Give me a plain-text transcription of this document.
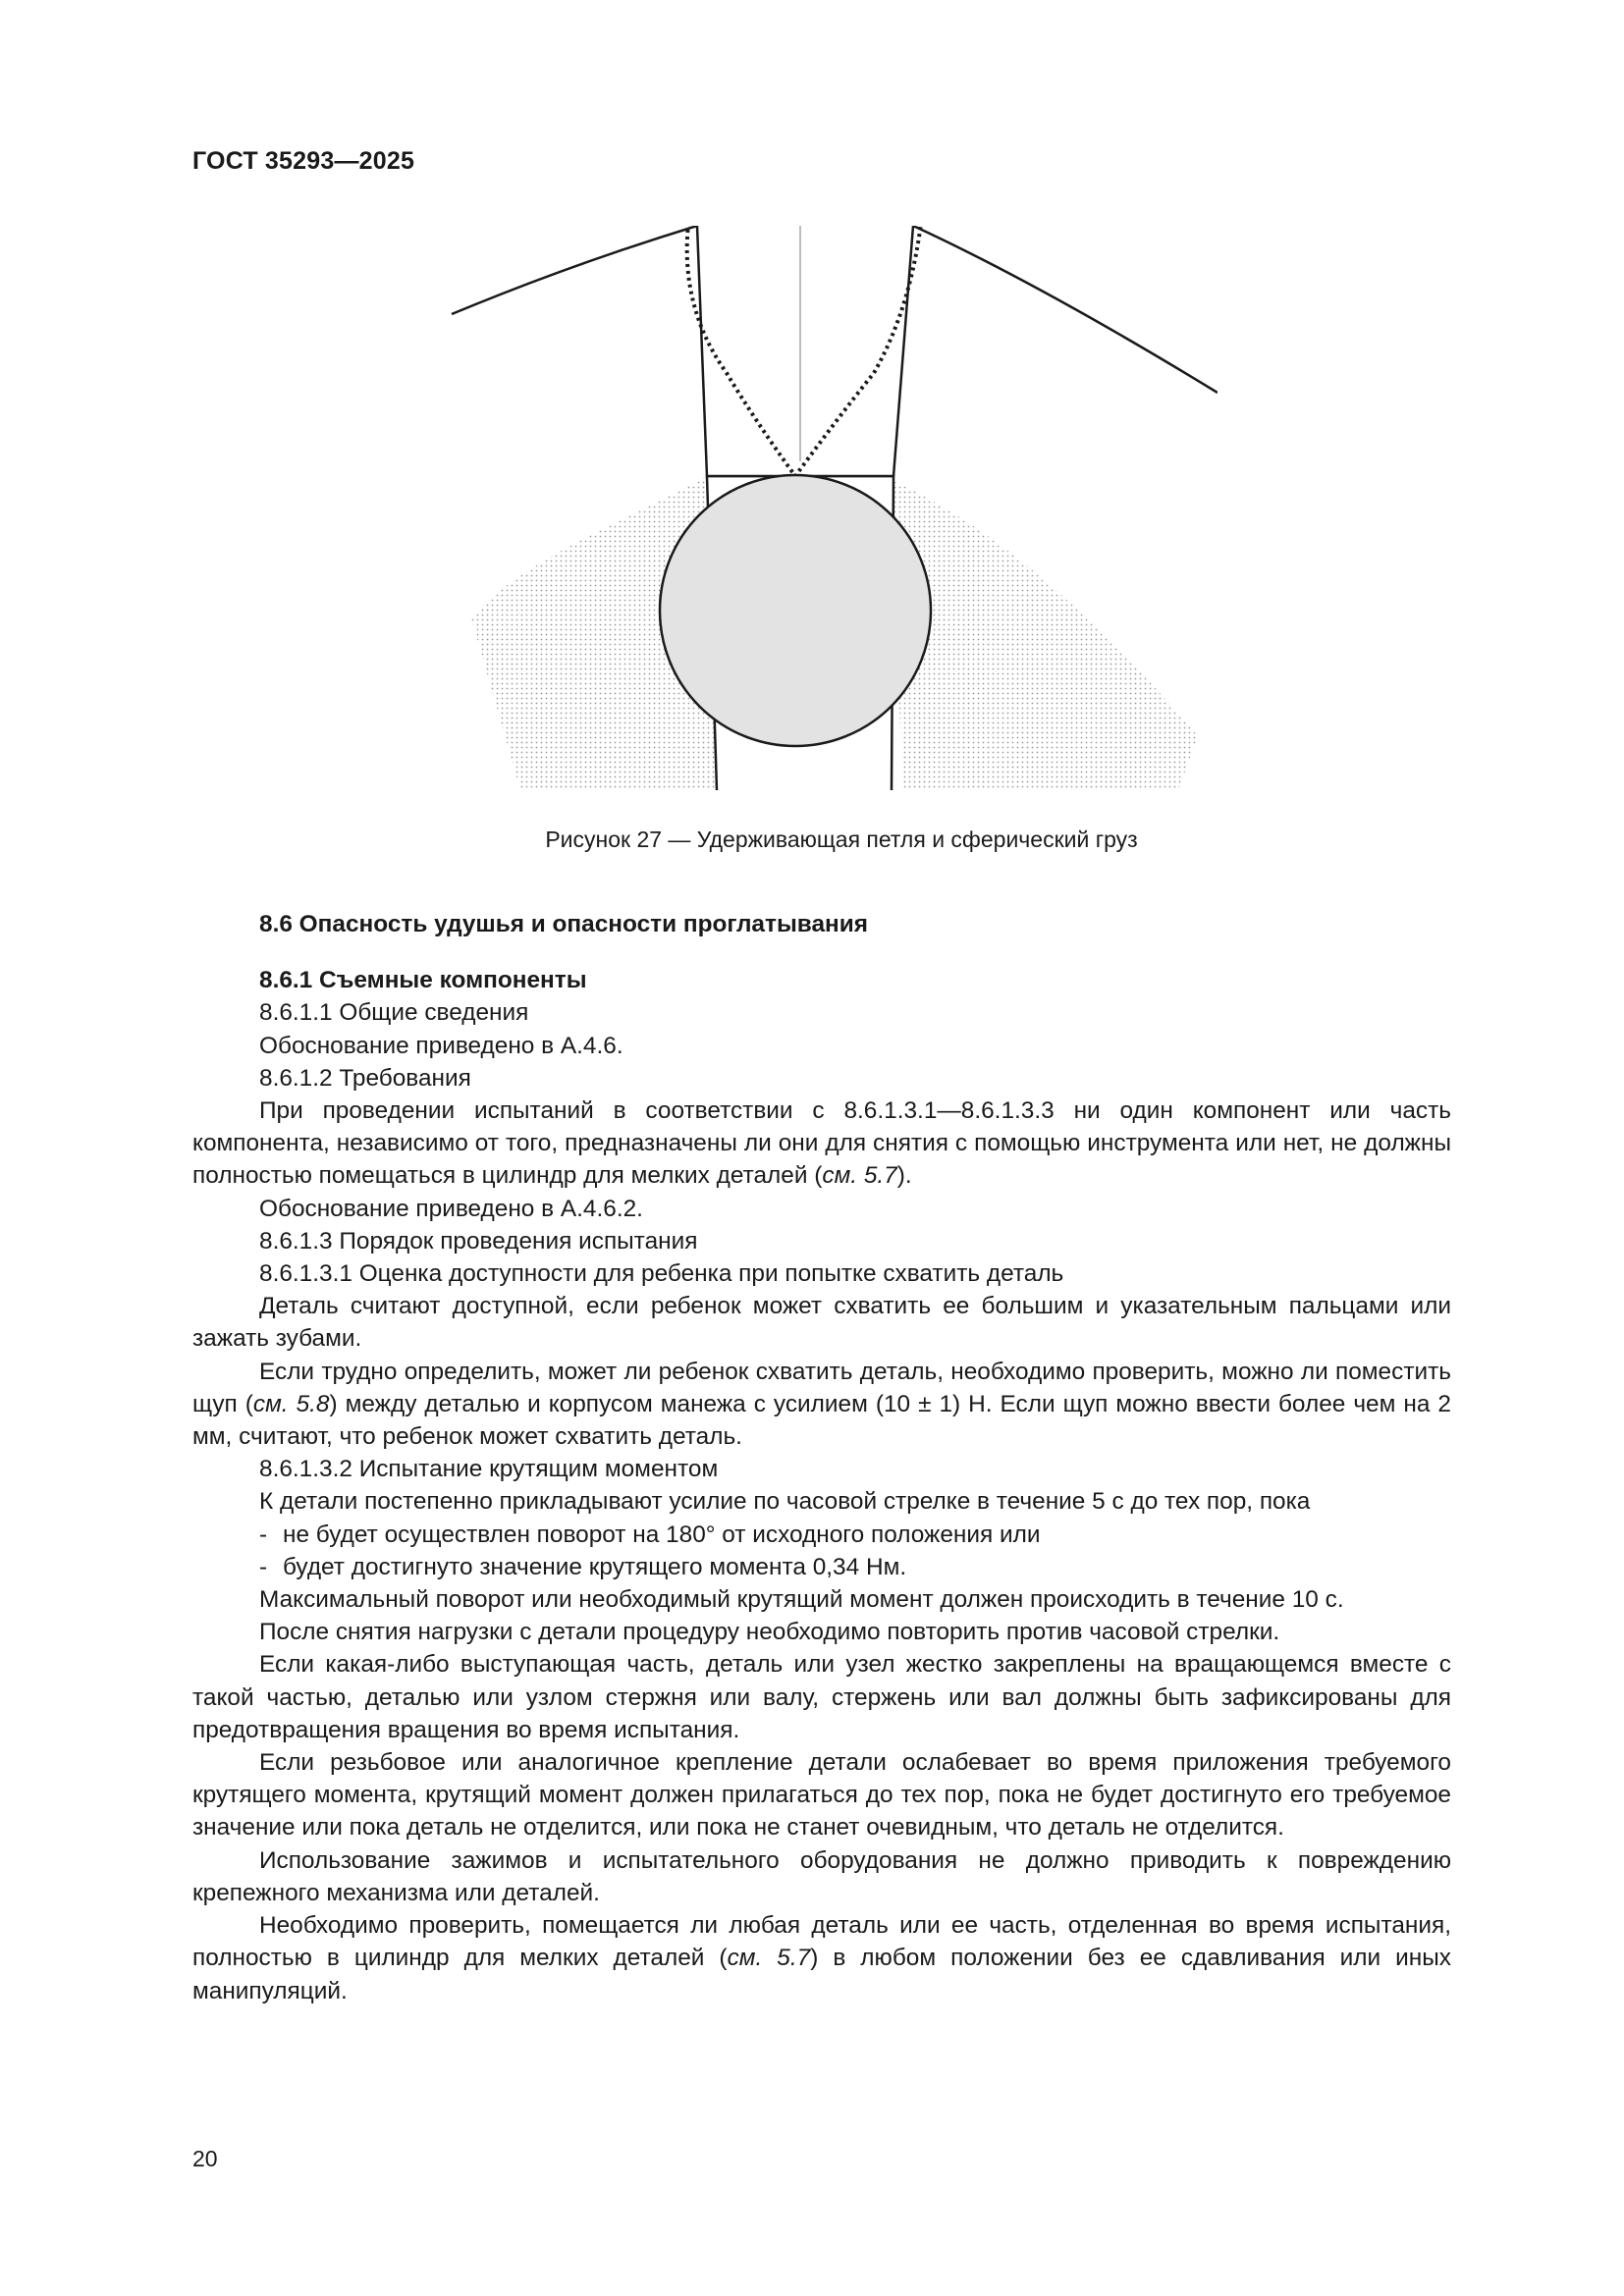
ГОСТ 35293—2025
Рисунок 27 — Удерживающая петля и сферический груз

8.6 Опасность удушья и опасности проглатывания

8.6.1 Съемные компоненты

8.6.1.1 Общие сведения

Обоснование приведено в А.4.6.

8.6.1.2 Требования

При проведении испытаний в соответствии с 8.6.1.3.1—8.6.1.3.3 ни один компонент или часть компонента, независимо от того, предназначены ли они для снятия с помощью инструмента или нет, не должны полностью помещаться в цилиндр для мелких деталей (см. 5.7).

Обоснование приведено в А.4.6.2.

8.6.1.3 Порядок проведения испытания

8.6.1.3.1 Оценка доступности для ребенка при попытке схватить деталь

Деталь считают доступной, если ребенок может схватить ее большим и указательным пальцами или зажать зубами.

Если трудно определить, может ли ребенок схватить деталь, необходимо проверить, можно ли поместить щуп (см. 5.8) между деталью и корпусом манежа с усилием (10 ± 1) Н. Если щуп можно ввести более чем на 2 мм, считают, что ребенок может схватить деталь.

8.6.1.3.2 Испытание крутящим моментом

К детали постепенно прикладывают усилие по часовой стрелке в течение 5 с до тех пор, пока

- не будет осуществлен поворот на 180° от исходного положения или

- будет достигнуто значение крутящего момента 0,34 Нм.

Максимальный поворот или необходимый крутящий момент должен происходить в течение 10 с.

После снятия нагрузки с детали процедуру необходимо повторить против часовой стрелки.

Если какая-либо выступающая часть, деталь или узел жестко закреплены на вращающемся вместе с такой частью, деталью или узлом стержня или валу, стержень или вал должны быть зафиксированы для предотвращения вращения во время испытания.

Если резьбовое или аналогичное крепление детали ослабевает во время приложения требуемого крутящего момента, крутящий момент должен прилагаться до тех пор, пока не будет достигнуто его требуемое значение или пока деталь не отделится, или пока не станет очевидным, что деталь не отделится.

Использование зажимов и испытательного оборудования не должно приводить к повреждению крепежного механизма или деталей.

Необходимо проверить, помещается ли любая деталь или ее часть, отделенная во время испытания, полностью в цилиндр для мелких деталей (см. 5.7) в любом положении без ее сдавливания или иных манипуляций.

20
